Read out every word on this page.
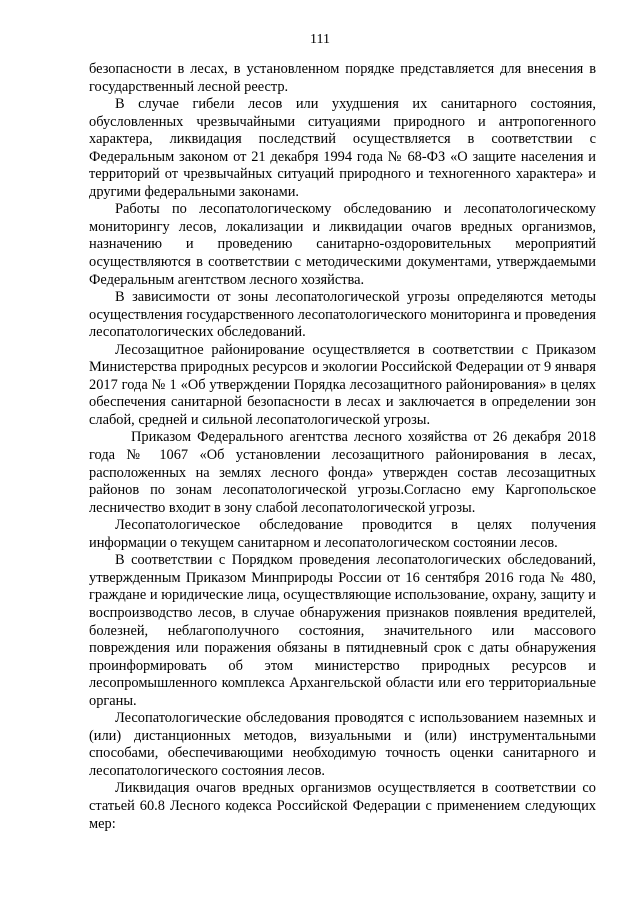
111

безопасности в лесах, в установленном порядке представляется для внесения в государственный лесной реестр.

В случае гибели лесов или ухудшения их санитарного состояния, обусловленных чрезвычайными ситуациями природного и антропогенного характера, ликвидация последствий осуществляется в соответствии с Федеральным законом от 21 декабря 1994 года № 68-ФЗ «О защите населения и территорий от чрезвычайных ситуаций природного и техногенного характера» и другими федеральными законами.

Работы по лесопатологическому обследованию и лесопатологическому мониторингу лесов, локализации и ликвидации очагов вредных организмов, назначению и проведению санитарно-оздоровительных мероприятий осуществляются в соответствии с методическими документами, утверждаемыми Федеральным агентством лесного хозяйства.

В зависимости от зоны лесопатологической угрозы определяются методы осуществления государственного лесопатологического мониторинга и проведения лесопатологических обследований.

Лесозащитное районирование осуществляется в соответствии с Приказом Министерства природных ресурсов и экологии Российской Федерации от 9 января 2017 года № 1 «Об утверждении Порядка лесозащитного районирования» в целях обеспечения санитарной безопасности в лесах и заключается в определении зон слабой, средней и сильной лесопатологической угрозы.

Приказом Федерального агентства лесного хозяйства от 26 декабря 2018 года № 1067 «Об установлении лесозащитного районирования в лесах, расположенных на землях лесного фонда» утвержден состав лесозащитных районов по зонам лесопатологической угрозы.Согласно ему Каргопольское лесничество входит в зону слабой лесопатологической угрозы.

Лесопатологическое обследование проводится в целях получения информации о текущем санитарном и лесопатологическом состоянии лесов.

В соответствии с Порядком проведения лесопатологических обследований, утвержденным Приказом Минприроды России от 16 сентября 2016 года № 480, граждане и юридические лица, осуществляющие использование, охрану, защиту и воспроизводство лесов, в случае обнаружения признаков появления вредителей, болезней, неблагополучного состояния, значительного или массового повреждения или поражения обязаны в пятидневный срок с даты обнаружения проинформировать об этом министерство природных ресурсов и лесопромышленного комплекса Архангельской области или его территориальные органы.

Лесопатологические обследования проводятся с использованием наземных и (или) дистанционных методов, визуальными и (или) инструментальными способами, обеспечивающими необходимую точность оценки санитарного и лесопатологического состояния лесов.

Ликвидация очагов вредных организмов осуществляется в соответствии со статьей 60.8 Лесного кодекса Российской Федерации с применением следующих мер:
